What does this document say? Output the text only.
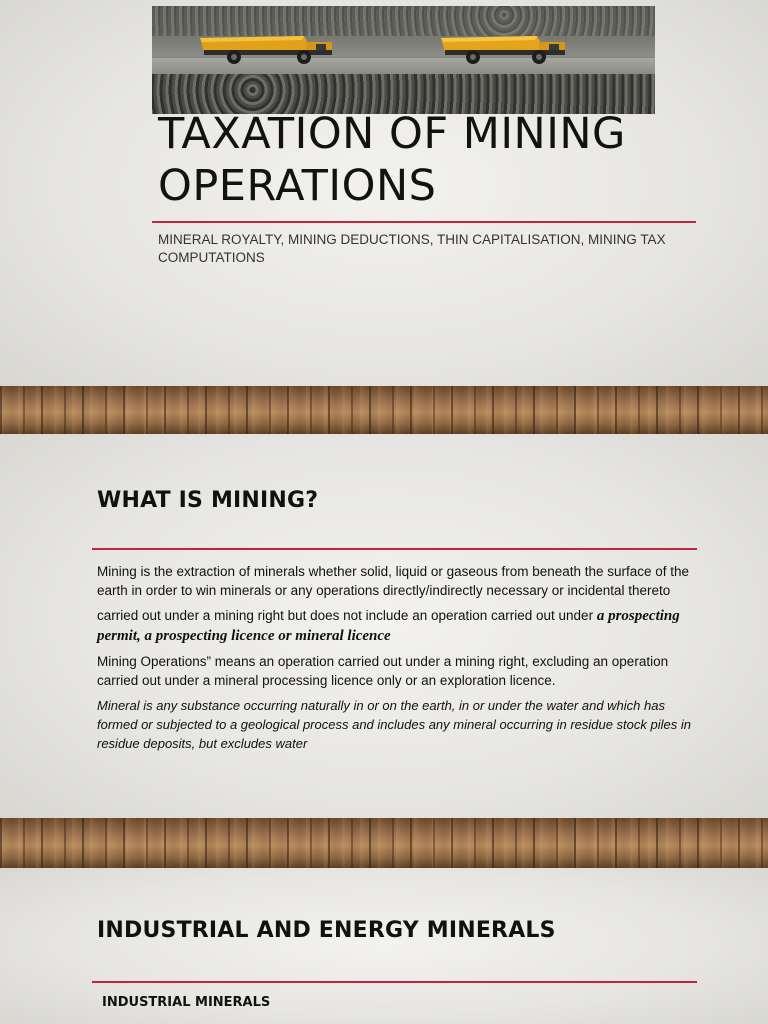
TAXATION OF MINING
OPERATIONS

MINERAL ROYALTY, MINING DEDUCTIONS, THIN CAPITALISATION, MINING TAX COMPUTATIONS

WHAT IS MINING?

Mining is the extraction of minerals whether solid, liquid or gaseous from beneath the surface of the earth in order to win minerals or any operations directly/indirectly necessary or incidental thereto

carried out under a mining right but does not include an operation carried out under a prospecting permit, a prospecting licence or mineral licence

Mining Operations” means an operation carried out under a mining right, excluding an operation carried out under a mineral processing licence only or an exploration licence.

Mineral is any substance occurring naturally in or on the earth, in or under the water and which has formed or subjected to a geological process and includes any mineral occurring in residue stock piles in residue deposits, but excludes water

INDUSTRIAL AND ENERGY MINERALS

INDUSTRIAL MINERALS
